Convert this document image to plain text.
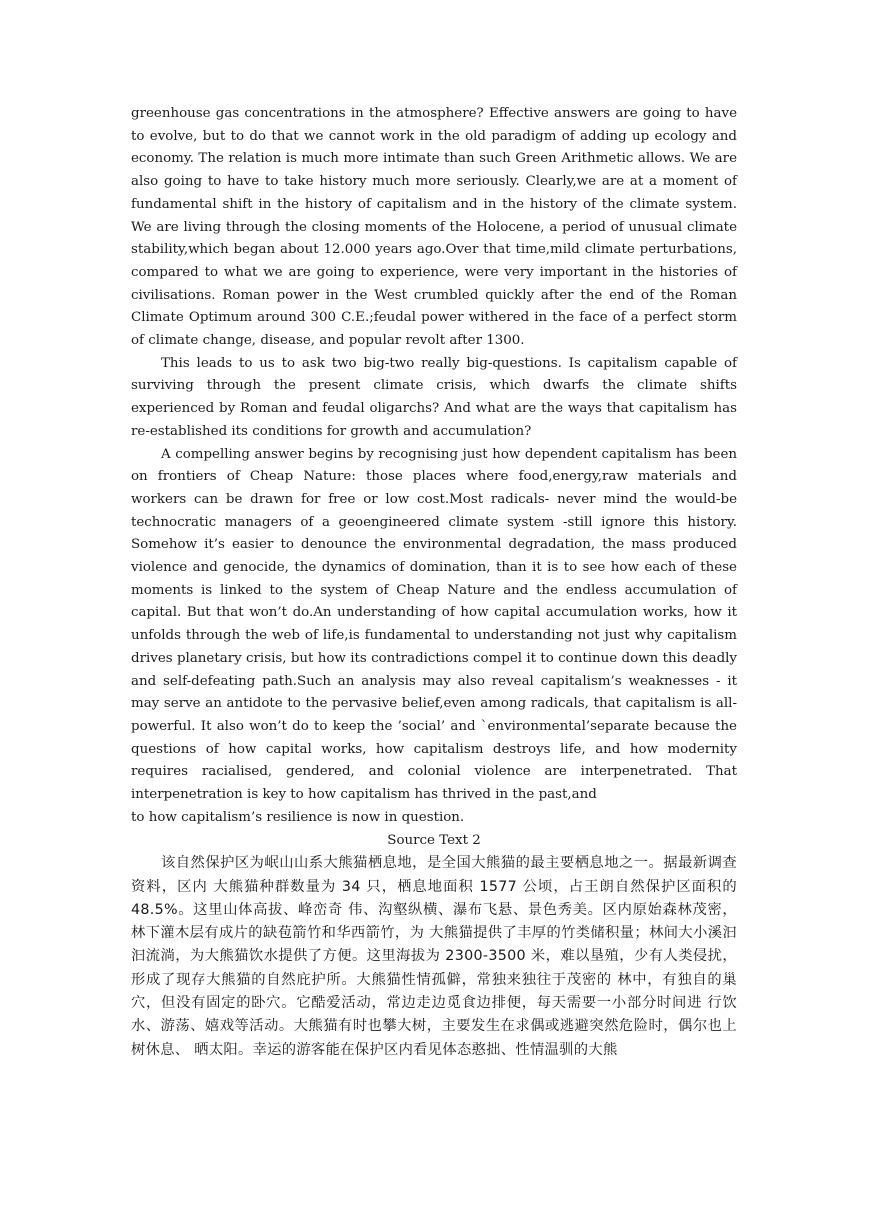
greenhouse gas concentrations in the atmosphere? Effective answers are going to have to evolve, but to do that we cannot work in the old paradigm of adding up ecology and economy. The relation is much more intimate than such Green Arithmetic allows. We are also going to have to take history much more seriously. Clearly,we are at a moment of fundamental shift in the history of capitalism and in the history of the climate system. We are living through the closing moments of the Holocene, a period of unusual climate stability,which began about 12.000 years ago.Over that time,mild climate perturbations, compared to what we are going to experience, were very important in the histories of civilisations. Roman power in the West crumbled quickly after the end of the Roman Climate Optimum around 300 C.E.;feudal power withered in the face of a perfect storm of climate change, disease, and popular revolt after 1300.

This leads to us to ask two big-two really big-questions. Is capitalism capable of surviving through the present climate crisis, which dwarfs the climate shifts experienced by Roman and feudal oligarchs? And what are the ways that capitalism has re-established its conditions for growth and accumulation?

A compelling answer begins by recognising just how dependent capitalism has been on frontiers of Cheap Nature: those places where food,energy,raw materials and workers can be drawn for free or low cost.Most radicals- never mind the would-be technocratic managers of a geoengineered climate system -still ignore this history. Somehow it’s easier to denounce the environmental degradation, the mass produced violence and genocide, the dynamics of domination, than it is to see how each of these moments is linked to the system of Cheap Nature and the endless accumulation of capital. But that won’t do.An understanding of how capital accumulation works, how it unfolds through the web of life,is fundamental to understanding not just why capitalism drives planetary crisis, but how its contradictions compel it to continue down this deadly and self-defeating path.Such an analysis may also reveal capitalism’s weaknesses - it may serve an antidote to the pervasive belief,even among radicals, that capitalism is all-powerful. It also won’t do to keep the ’social’ and `environmental’separate because the questions of how capital works, how capitalism destroys life, and how modernity requires racialised, gendered, and colonial violence are interpenetrated. That interpenetration is key to how capitalism has thrived in the past,and

to how capitalism’s resilience is now in question.

Source Text 2

该自然保护区为岷山山系大熊猫栖息地，是全国大熊猫的最主要栖息地之一。据最新调查资料，区内 大熊猫种群数量为 34 只，栖息地面积 1577 公顷，占王朗自然保护区面积的 48.5%。这里山体高拔、峰峦奇 伟、沟壑纵横、瀑布飞悬、景色秀美。区内原始森林茂密，林下灌木层有成片的缺苞箭竹和华西箭竹，为 大熊猫提供了丰厚的竹类储积量；林间大小溪汩汩流淌，为大熊猫饮水提供了方便。这里海拔为 2300-3500 米，难以垦殖，少有人类侵扰，形成了现存大熊猫的自然庇护所。大熊猫性情孤僻，常独来独往于茂密的 林中，有独自的巢穴，但没有固定的卧穴。它酷爱活动，常边走边觅食边排便，每天需要一小部分时间进 行饮水、游荡、嬉戏等活动。大熊猫有时也攀大树，主要发生在求偶或逃避突然危险时，偶尔也上树休息、 晒太阳。幸运的游客能在保护区内看见体态憨拙、性情温驯的大熊
